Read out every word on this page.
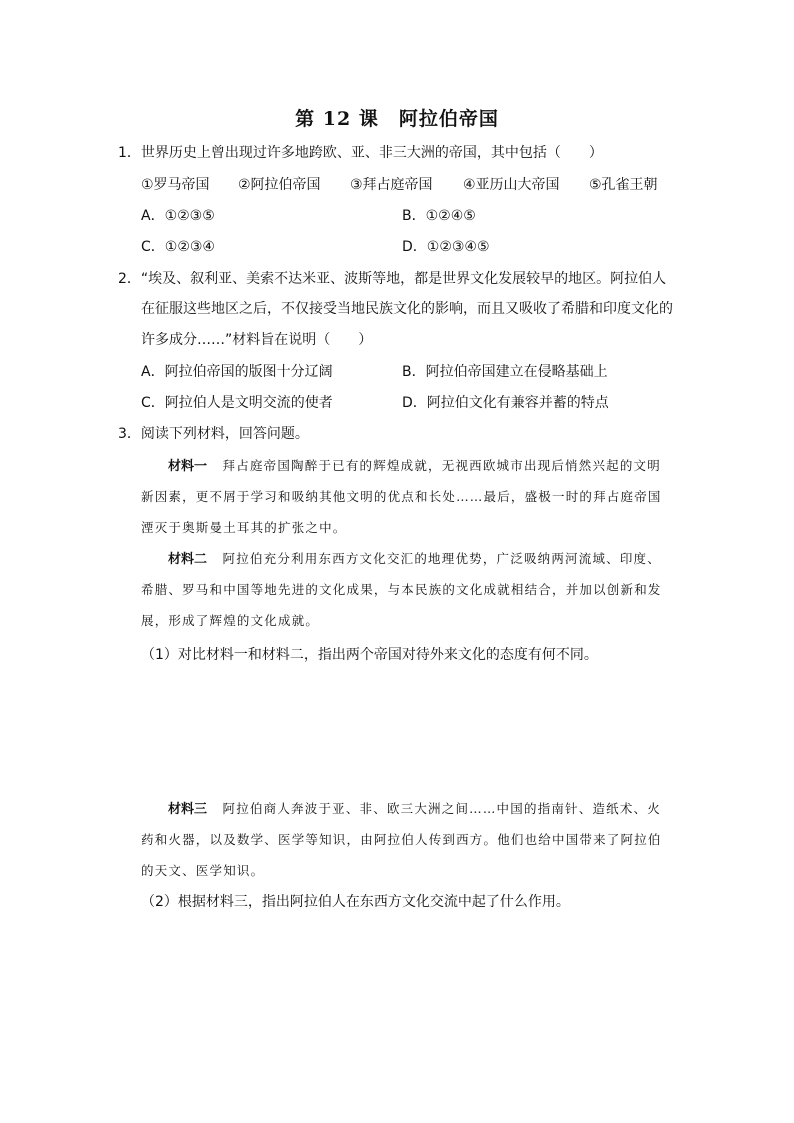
第 12 课　阿拉伯帝国
1．世界历史上曾出现过许多地跨欧、亚、非三大洲的帝国，其中包括（　　）
①罗马帝国 ②阿拉伯帝国 ③拜占庭帝国 ④亚历山大帝国 ⑤孔雀王朝
A．①②③⑤	B．①②④⑤
C．①②③④	D．①②③④⑤
2．“埃及、叙利亚、美索不达米亚、波斯等地，都是世界文化发展较早的地区。阿拉伯人
在征服这些地区之后，不仅接受当地民族文化的影响，而且又吸收了希腊和印度文化的
许多成分……”材料旨在说明（　　）
A．阿拉伯帝国的版图十分辽阔	B．阿拉伯帝国建立在侵略基础上
C．阿拉伯人是文明交流的使者	D．阿拉伯文化有兼容并蓄的特点
3．阅读下列材料，回答问题。
材料一 拜占庭帝国陶醉于已有的辉煌成就，无视西欧城市出现后悄然兴起的文明
新因素，更不屑于学习和吸纳其他文明的优点和长处……最后，盛极一时的拜占庭帝国
湮灭于奥斯曼土耳其的扩张之中。
材料二 阿拉伯充分利用东西方文化交汇的地理优势，广泛吸纳两河流域、印度、
希腊、罗马和中国等地先进的文化成果，与本民族的文化成就相结合，并加以创新和发
展，形成了辉煌的文化成就。
（1）对比材料一和材料二，指出两个帝国对待外来文化的态度有何不同。
材料三 阿拉伯商人奔波于亚、非、欧三大洲之间……中国的指南针、造纸术、火
药和火器，以及数学、医学等知识，由阿拉伯人传到西方。他们也给中国带来了阿拉伯
的天文、医学知识。
（2）根据材料三，指出阿拉伯人在东西方文化交流中起了什么作用。
